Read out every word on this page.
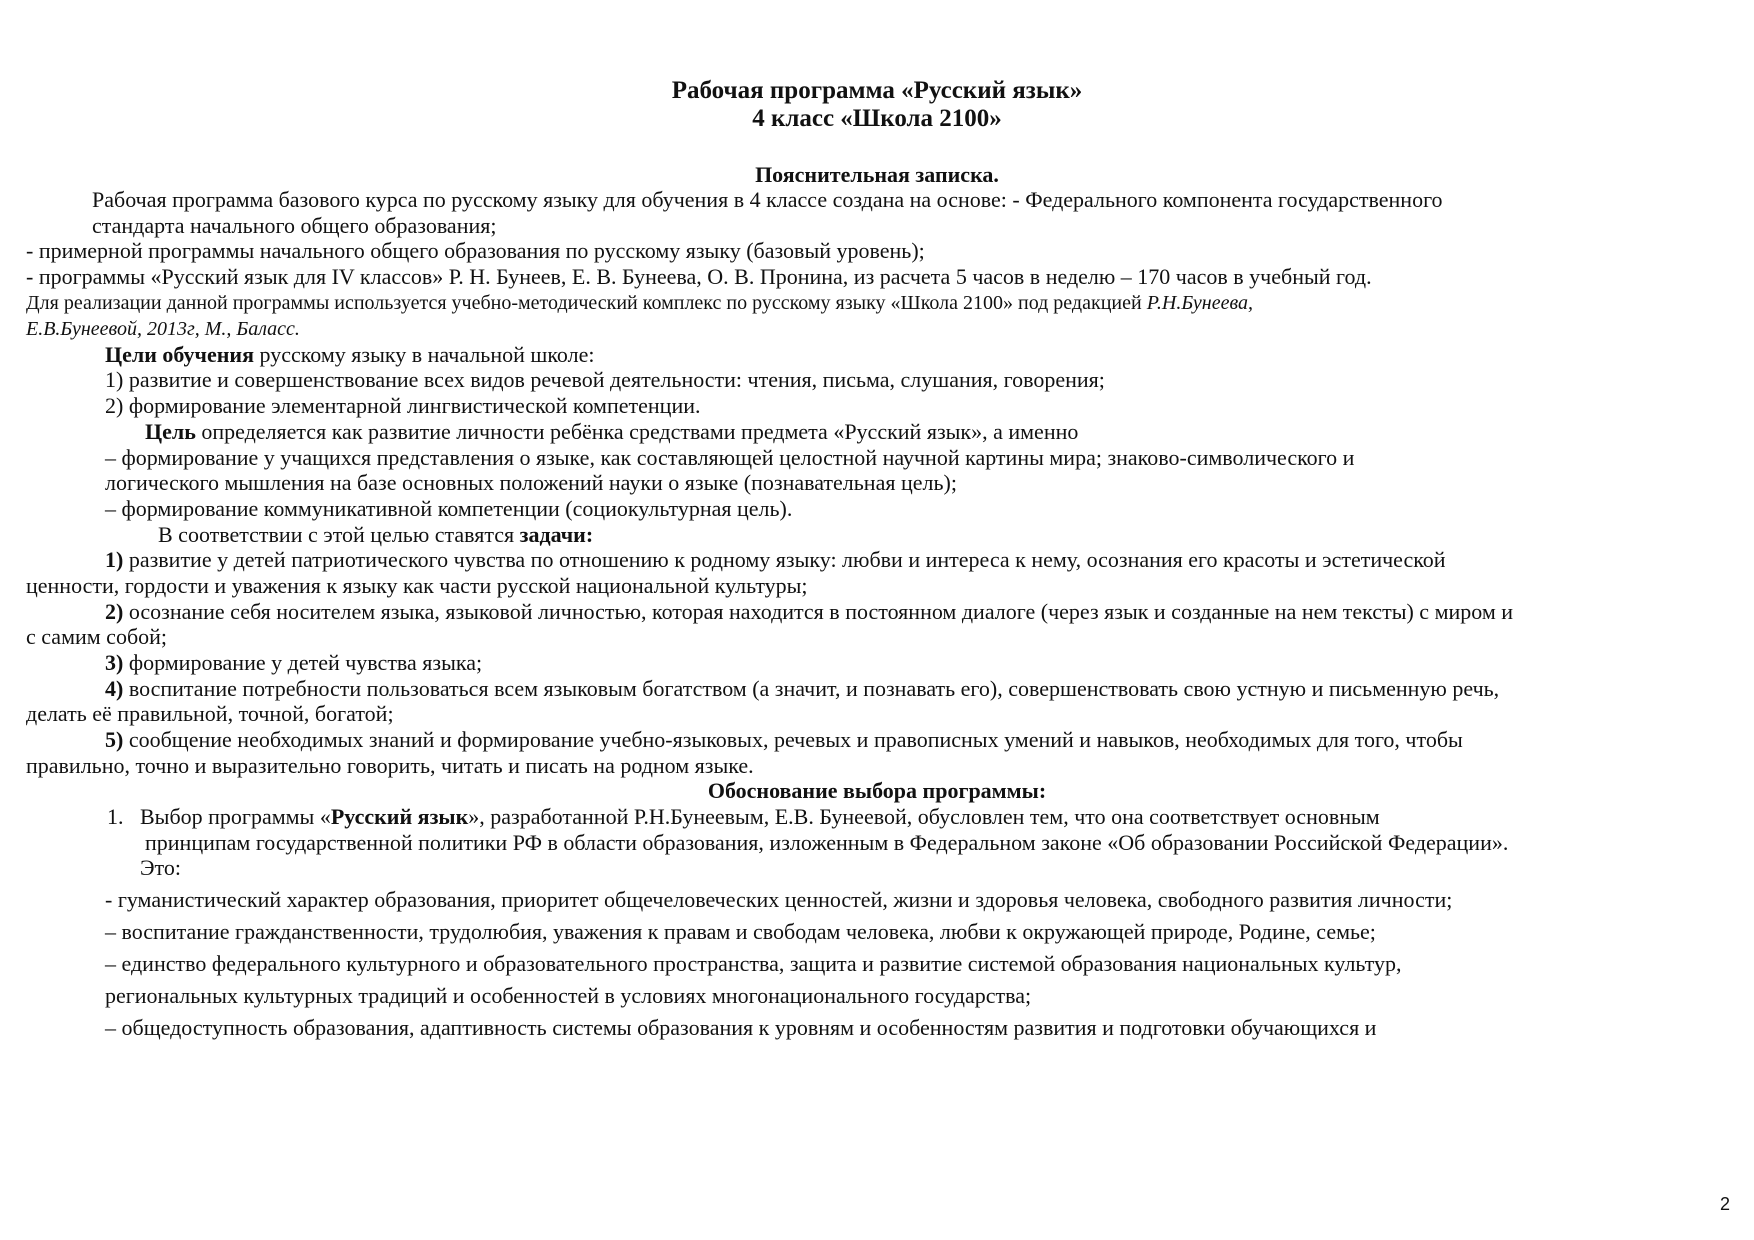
Рабочая программа «Русский язык»
4 класс «Школа 2100»
Пояснительная записка.
Рабочая программа базового курса по русскому языку для обучения в 4 классе создана на основе: - Федерального компонента государственного
стандарта начального общего образования;
- примерной программы начального общего образования по русскому языку (базовый уровень);
- программы «Русский язык для IV классов» Р. Н. Бунеев, Е. В. Бунеева, О. В. Пронина, из расчета 5 часов в неделю – 170 часов в учебный год.
Для реализации данной программы используется учебно-методический комплекс по русскому языку «Школа 2100» под редакцией Р.Н.Бунеева,
Е.В.Бунеевой, 2013г, М., Баласс.
Цели обучения русскому языку в начальной школе:
1) развитие и совершенствование всех видов речевой деятельности: чтения, письма, слушания, говорения;
2) формирование элементарной лингвистической компетенции.
Цель определяется как развитие личности ребёнка средствами предмета «Русский язык», а именно
– формирование у учащихся представления о языке, как составляющей целостной научной картины мира; знаково-символического и
логического мышления на базе основных положений науки о языке (познавательная цель);
– формирование коммуникативной компетенции (социокультурная цель).
В соответствии с этой целью ставятся задачи:
1) развитие у детей патриотического чувства по отношению к родному языку: любви и интереса к нему, осознания его красоты и эстетической
ценности, гордости и уважения к языку как части русской национальной культуры;
2) осознание себя носителем языка, языковой личностью, которая находится в постоянном диалоге (через язык и созданные на нем тексты) с миром и
с самим собой;
3) формирование у детей чувства языка;
4) воспитание потребности пользоваться всем языковым богатством (а значит, и познавать его), совершенствовать свою устную и письменную речь,
делать её правильной, точной, богатой;
5) сообщение необходимых знаний и формирование учебно-языковых, речевых и правописных умений и навыков, необходимых для того, чтобы
правильно, точно и выразительно говорить, читать и писать на родном языке.
Обоснование выбора программы:
1. Выбор программы «Русский язык», разработанной Р.Н.Бунеевым, Е.В. Бунеевой, обусловлен тем, что она соответствует основным
принципам государственной политики РФ в области образования, изложенным в Федеральном законе «Об образовании Российской Федерации».
Это:
- гуманистический характер образования, приоритет общечеловеческих ценностей, жизни и здоровья человека, свободного развития личности;
– воспитание гражданственности, трудолюбия, уважения к правам и свободам человека, любви к окружающей природе, Родине, семье;
– единство федерального культурного и образовательного пространства, защита и развитие системой образования национальных культур,
региональных культурных традиций и особенностей в условиях многонационального государства;
– общедоступность образования, адаптивность системы образования к уровням и особенностям развития и подготовки обучающихся и
2
